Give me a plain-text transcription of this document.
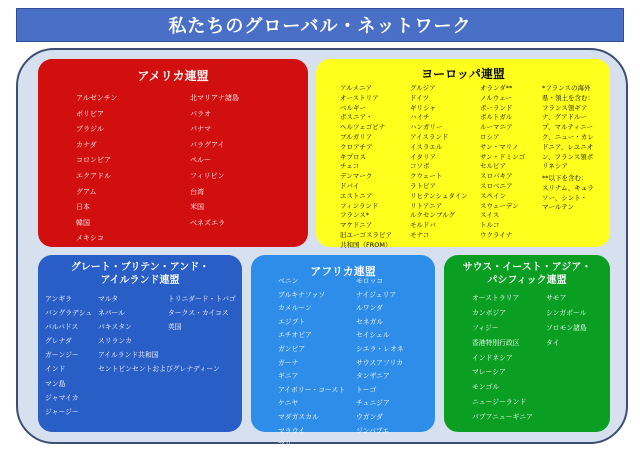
私たちのグローバル・ネットワーク
アメリカ連盟
アルゼンチン
ボリビア
ブラジル
カナダ
コロンビア
エクアドル
グアム
日本
韓国
メキシコ
北マリアナ諸島
パラオ
パナマ
パラグアイ
ペルー
フィリピン
台湾
米国
ベネズエラ
ヨーロッパ連盟
アルメニア
オーストリア
ベルギー
ボスニア・
ヘルツェゴビナ
ブルガリア
クロアチア
キプロス
チェコ
デンマーク
ドバイ
エストニア
フィンランド
フランス*
マケドニア
旧ユーゴスラビア
共和国（FROM）
グルジア
ドイツ
ギリシャ
ハイチ
ハンガリー
アイスランド
イスラエル
イタリア
コソボ
クウェート
ラトビア
リヒテンシュタイン
リトアニア
ルクセンブルグ
モルドバ
モナコ
オランダ**
ノルウェー
ポーランド
ポルトガル
ルーマニア
ロシア
サン・マリノ
サン・ドミンゴ
セルビア
スロバキア
スロベニア
スペイン
スウェーデン
スイス
トルコ
ウクライナ
*フランスの海外
県・領土を含む：
フランス領ギア
ナ、グアドルー
プ、マルティニー
ク、ニュー・カレ
ドニア、レユニオ
ン、フランス領ポ
リネシア
**以下を含む：
スリナム、キュラ
ソー、シント・
マールテン
グレート・ブリテン・アンド・
アイルランド連盟
アンギラ
バングラデシュ
バルバドス
グレナダ
ガーンジー
インド
マン島
ジャマイカ
ジャージー
マルタ
ネパール
パキスタン
スリランカ
アイルランド共和国
セントビンセントおよびグレナディーン
トリニダード・トバゴ
タークス・カイコス
英国
アフリカ連盟
ベニン
ブルキナファソ
カメルーン
エジプト
エチオピア
ガンビア
ガーナ
ギニア
アイボリー・コースト
ケニヤ
マダガスカル
マラウイ
マリ
モーリシャス
モロッコ
ナイジェリア
ルワンダ
セネガル
セイシェル
シエラ・レオネ
サウスアフリカ
タンザニア
トーゴ
チュニジア
ウガンダ
ジンバブエ
サウス・イースト・アジア・
パシフィック連盟
オーストラリア
カンボジア
フィジー
香港特別行政区
インドネシア
マレーシア
モンゴル
ニュージーランド
パプアニューギニア
サモア
シンガポール
ソロモン諸島
タイ
